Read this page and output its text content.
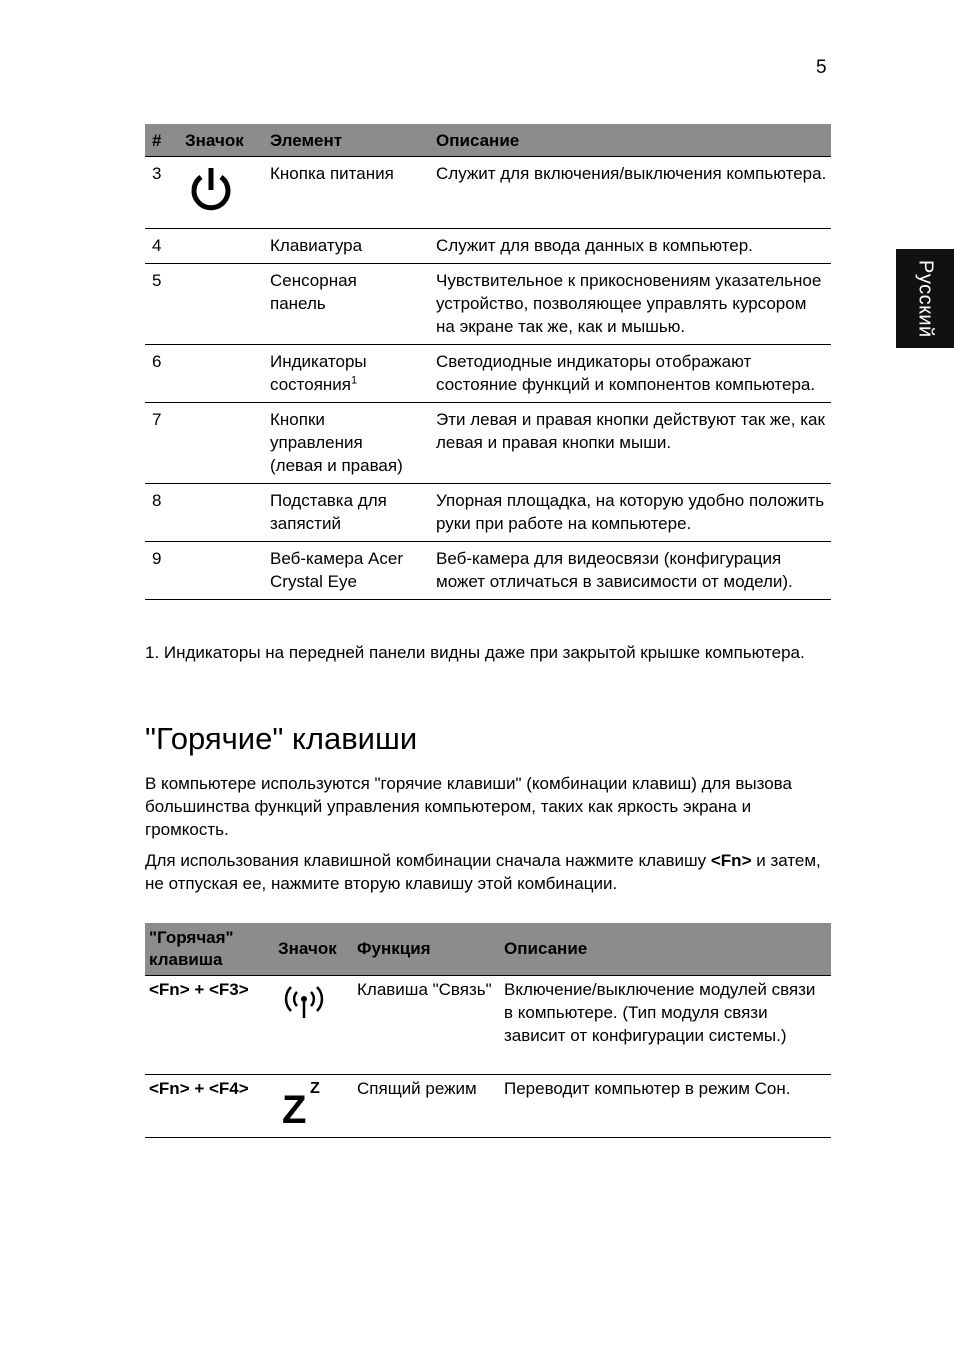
5
Русский
#	Значок	Элемент	Описание
3		Кнопка питания	Служит для включения/выключения компьютера.
4		Клавиатура	Служит для ввода данных в компьютер.
5		Сенсорная панель	Чувствительное к прикосновениям указательное устройство, позволяющее управлять курсором на экране так же, как и мышью.
6		Индикаторы состояния$^1$	Светодиодные индикаторы отображают состояние функций и компонентов компьютера.
7		Кнопки управления (левая и правая)	Эти левая и правая кнопки действуют так же, как левая и правая кнопки мыши.
8		Подставка для запястий	Упорная площадка, на которую удобно положить руки при работе на компьютере.
9		Веб-камера Acer Crystal Eye	Веб-камера для видеосвязи (конфигурация может отличаться в зависимости от модели).

1. Индикаторы на передней панели видны даже при закрытой крышке компьютера.

"Горячие" клавиши

В компьютере используются "горячие клавиши" (комбинации клавиш) для вызова большинства функций управления компьютером, таких как яркость экрана и громкость.

Для использования клавишной комбинации сначала нажмите клавишу <Fn> и затем, не отпуская ее, нажмите вторую клавишу этой комбинации.

"Горячая" клавиша	Значок	Функция	Описание
<Fn> + <F3>		Клавиша "Связь"	Включение/выключение модулей связи в компьютере. (Тип модуля связи зависит от конфигурации системы.)
<Fn> + <F4>	Z Z	Спящий режим	Переводит компьютер в режим Сон.
